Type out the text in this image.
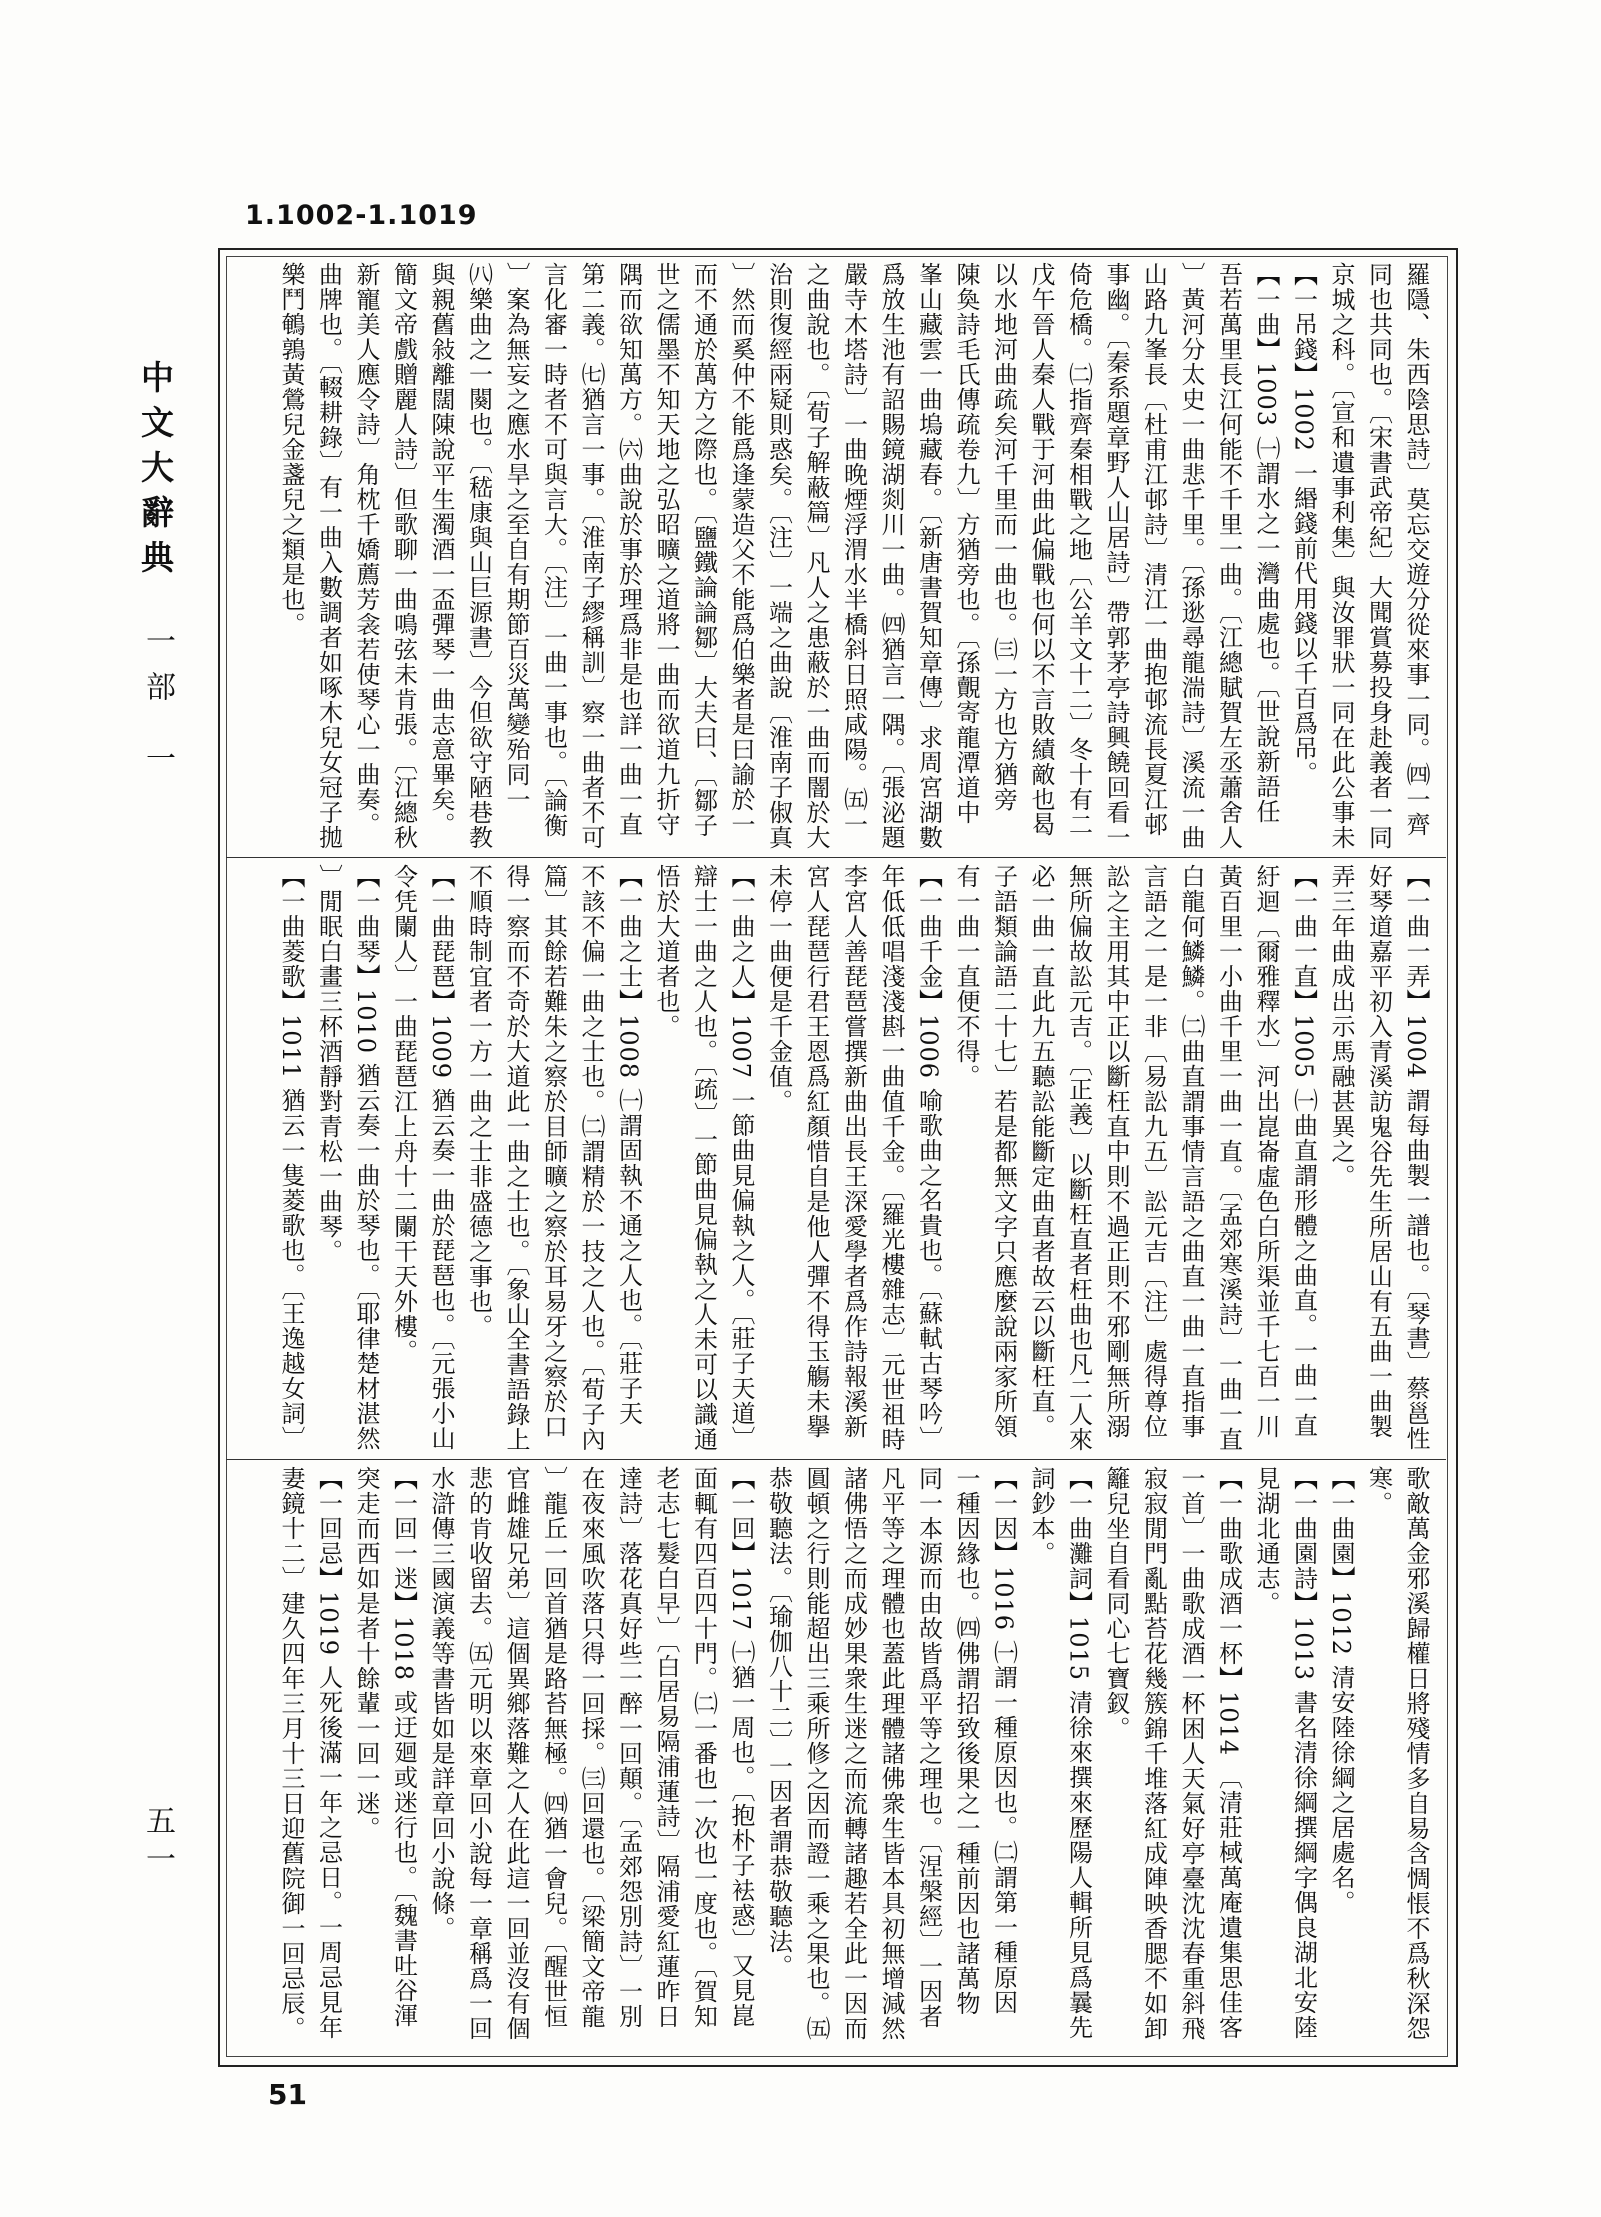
1.1002-1.1019
中文大辭典
一部 一
五一
羅隱、朱西陰思詩〕莫忘交遊分從來事一同。㈣一齊
同也共同也。〔宋書武帝紀〕大聞賞募投身赴義者一同
京城之科。〔宣和遺事利集〕與汝罪狀一同在此公事未
【一吊錢】1002 一緡錢前代用錢以千百爲吊。
【一曲】1003 ㈠謂水之一灣曲處也。〔世說新語任
吾若萬里長江何能不千里一曲。〔江總賦賀左丞蕭舍人
〕黃河分太史一曲悲千里。〔孫逖尋龍湍詩〕溪流一曲
山路九峯長〔杜甫江邨詩〕清江一曲抱邨流長夏江邨
事幽。〔秦系題章野人山居詩〕帶郭茅亭詩興饒回看一
倚危橋。㈡指齊秦相戰之地〔公羊文十二〕冬十有二
戊午晉人秦人戰于河曲此偏戰也何以不言敗績敵也曷
以水地河曲疏矣河千里而一曲也。㈢一方也方猶旁
陳奐詩毛氏傳疏卷九〕方猶旁也。〔孫覿寄龍潭道中
峯山藏雲一曲塢藏春。〔新唐書賀知章傳〕求周宮湖數
爲放生池有詔賜鏡湖剡川一曲。㈣猶言一隅。〔張泌題
嚴寺木塔詩〕一曲晚煙浮渭水半橋斜日照咸陽。㈤一
之曲說也。〔荀子解蔽篇〕凡人之患蔽於一曲而闇於大
治則復經兩疑則惑矣。〔注〕一端之曲說〔淮南子俶真
〕然而奚仲不能爲逢蒙造父不能爲伯樂者是曰諭於一
而不通於萬方之際也。〔鹽鐵論論鄒〕大夫曰、〔鄒子
世之儒墨不知天地之弘昭曠之道將一曲而欲道九折守
隅而欲知萬方。㈥曲說於事於理爲非是也詳一曲一直
第二義。㈦猶言一事。〔淮南子繆稱訓〕察一曲者不可
言化審一時者不可與言大。〔注〕一曲一事也。〔論衡
〕案為無妄之應水旱之至自有期節百災萬變殆同一
㈧樂曲之一闋也。〔嵇康與山巨源書〕今但欲守陋巷教
與親舊敍離闊陳說平生濁酒一盃彈琴一曲志意畢矣。
簡文帝戲贈麗人詩〕但歌聊一曲鳴弦未肯張。〔江總秋
新寵美人應令詩〕角枕千嬌薦芳衾若使琴心一曲奏。
曲牌也。〔輟耕錄〕有一曲入數調者如啄木兒女冠子拋
樂鬥鵪鶉黃鶯兒金盞兒之類是也。
【一曲一弄】1004 謂每曲製一譜也。〔琴書〕蔡邕性
好琴道嘉平初入青溪訪鬼谷先生所居山有五曲一曲製
弄三年曲成出示馬融甚異之。
【一曲一直】1005 ㈠曲直謂形體之曲直。一曲一直
紆迴〔爾雅釋水〕河出崑崙虛色白所渠並千七百一川
黃百里一小曲千里一曲一直。〔孟郊寒溪詩〕一曲一直
白龍何鱗鱗。㈡曲直謂事情言語之曲直一曲一直指事
言語之一是一非〔易訟九五〕訟元吉〔注〕處得尊位
訟之主用其中正以斷枉直中則不過正則不邪剛無所溺
無所偏故訟元吉。〔正義〕以斷枉直者枉曲也凡二人來
必一曲一直此九五聽訟能斷定曲直者故云以斷枉直。
子語類論語二十七〕若是都無文字只應麼說兩家所領
有一曲一直便不得。
【一曲千金】1006 喻歌曲之名貴也。〔蘇軾古琴吟〕
年低低唱淺淺斟一曲值千金。〔羅光樓雜志〕元世祖時
李宮人善琵琶嘗撰新曲出長王深愛學者爲作詩報溪新
宮人琵琶行君王恩爲紅顏惜自是他人彈不得玉觴未擧
未停一曲便是千金值。
【一曲之人】1007 一節曲見偏執之人。〔莊子天道〕
辯士一曲之人也。〔疏〕一節曲見偏執之人未可以識通
悟於大道者也。
【一曲之士】1008 ㈠謂固執不通之人也。〔莊子天
不該不偏一曲之士也。㈡謂精於一技之人也。〔荀子內
篇〕其餘若難朱之察於目師曠之察於耳易牙之察於口
得一察而不奇於大道此一曲之士也。〔象山全書語錄上
不順時制宜者一方一曲之士非盛德之事也。
【一曲琵琶】1009 猶云奏一曲於琵琶也。〔元張小山
令凭闌人〕一曲琵琶江上舟十二闌干天外樓。
【一曲琴】1010 猶云奏一曲於琴也。〔耶律楚材湛然
〕閒眠白畫三杯酒靜對青松一曲琴。
【一曲菱歌】1011 猶云一隻菱歌也。〔王逸越女詞〕
歌敵萬金邪溪歸權日將殘情多自易含惆悵不爲秋深怨
寒。
【一曲園】1012 清安陸徐綱之居處名。
【一曲園詩】1013 書名清徐綱撰綱字偶良湖北安陸
見湖北通志。
【一曲歌成酒一杯】1014 〔清莊棫萬庵遺集思佳客
一首〕一曲歌成酒一杯困人天氣好亭臺沈沈春重斜飛
寂寂閒門亂點苔花幾簇錦千堆落紅成陣映香腮不如卸
籬兒坐自看同心七寶釵。
【一曲灘詞】1015 清徐來撰來歷陽人輯所見爲曩先
詞鈔本。
【一因】1016 ㈠謂一種原因也。㈡謂第一種原因
一種因緣也。㈣佛謂招致後果之一種前因也諸萬物
同一本源而由故皆爲平等之理也。〔涅槃經〕一因者
凡平等之理體也蓋此理體諸佛衆生皆本具初無增減然
諸佛悟之而成妙果衆生迷之而流轉諸趣若全此一因而
圓頓之行則能超出三乘所修之因而證一乘之果也。㈤
恭敬聽法。〔瑜伽八十二〕一因者謂恭敬聽法。
【一回】1017 ㈠猶一周也。〔抱朴子袪惑〕又見崑
面輒有四百四十門。㈡一番也一次也一度也。〔賀知
老志七髮白早〕〔白居易隔浦蓮詩〕隔浦愛紅蓮昨日
達詩〕落花真好些一醉一回顛。〔孟郊怨別詩〕一別
在夜來風吹落只得一回採。㈢回還也。〔梁簡文帝龍
〕龍丘一回首猶是路苔無極。㈣猶一會兒。〔醒世恒
官雌雄兄弟〕這個異鄉落難之人在此這一回並沒有個
悲的肯收留去。㈤元明以來章回小說每一章稱爲一回
水滸傳三國演義等書皆如是詳章回小說條。
【一回一迷】1018 或迂廻或迷行也。〔魏書吐谷渾
突走而西如是者十餘輩一回一迷。
【一回忌】1019 人死後滿一年之忌日。一周忌見年
妻鏡十二〕建久四年三月十三日迎舊院御一回忌辰。
51
